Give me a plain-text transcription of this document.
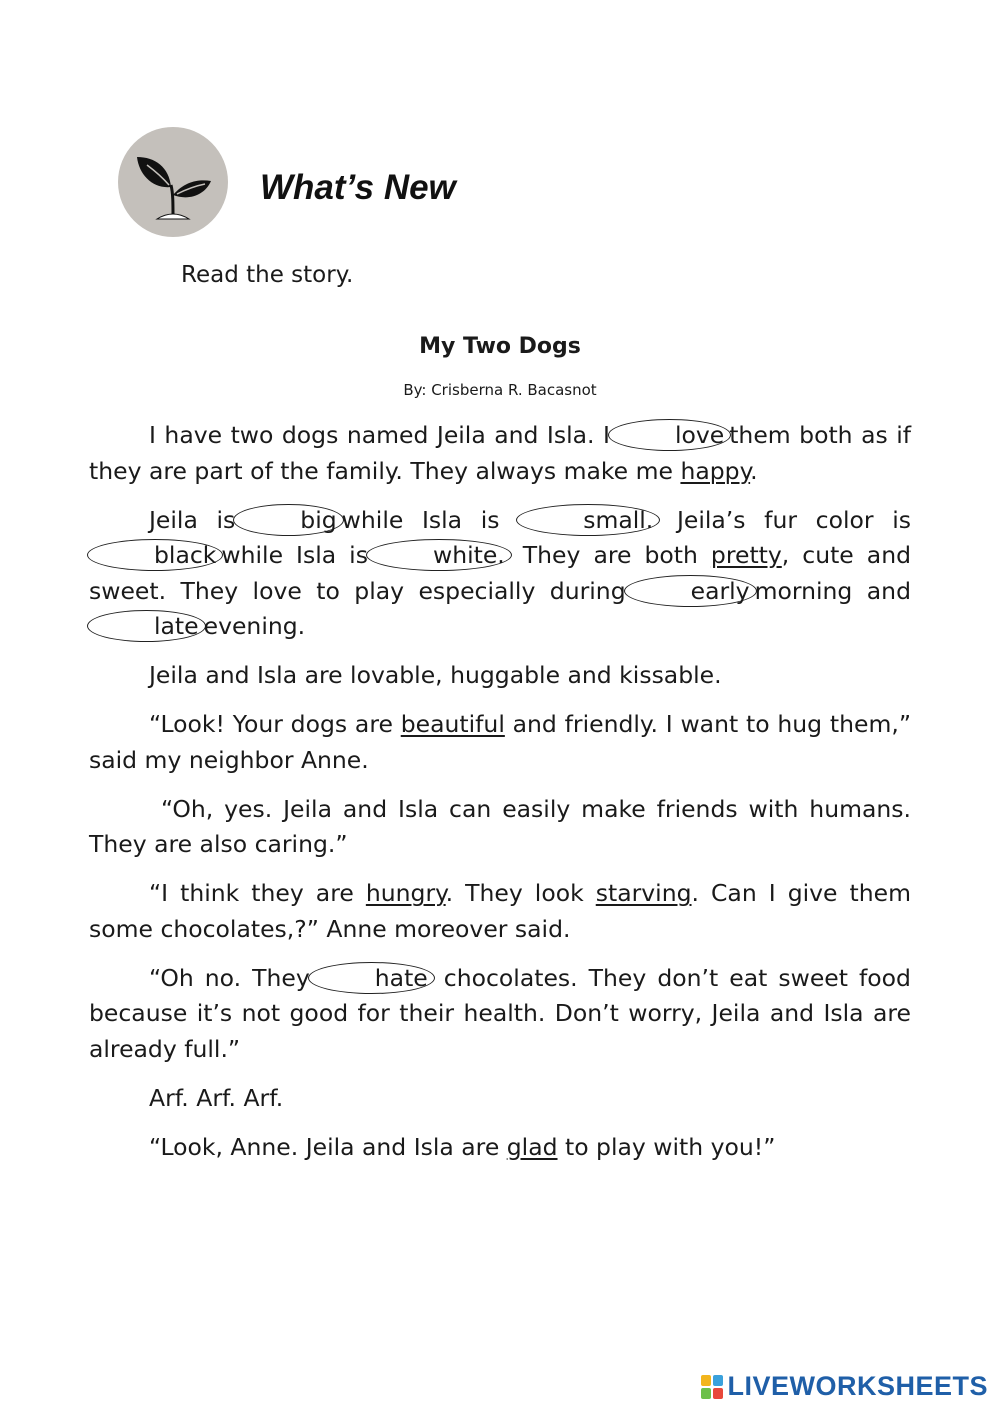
What’s New
Read the story.
My Two Dogs
By: Crisberna R. Bacasnot

I have two dogs named Jeila and Isla. I	love them both as if they are part of the family. They always make me happy.

Jeila is	big while Isla is	small. Jeila’s fur color isblack while Isla is	white. They are both pretty, cute and sweet. They love to play especially during	early morning andlate evening.

Jeila and Isla are lovable, huggable and kissable.

“Look! Your dogs are beautiful and friendly. I want to hug them,” said my neighbor Anne.

“Oh, yes. Jeila and Isla can easily make friends with humans. They are also caring.”

“I think they are hungry. They look starving. Can I give them some chocolates,?” Anne moreover said.

“Oh no. They	hate chocolates. They don’t eat sweet food because it’s not good for their health. Don’t worry, Jeila and Isla are already full.”

Arf. Arf. Arf.

“Look, Anne. Jeila and Isla are glad to play with you!”

LIVEWORKSHEETS
